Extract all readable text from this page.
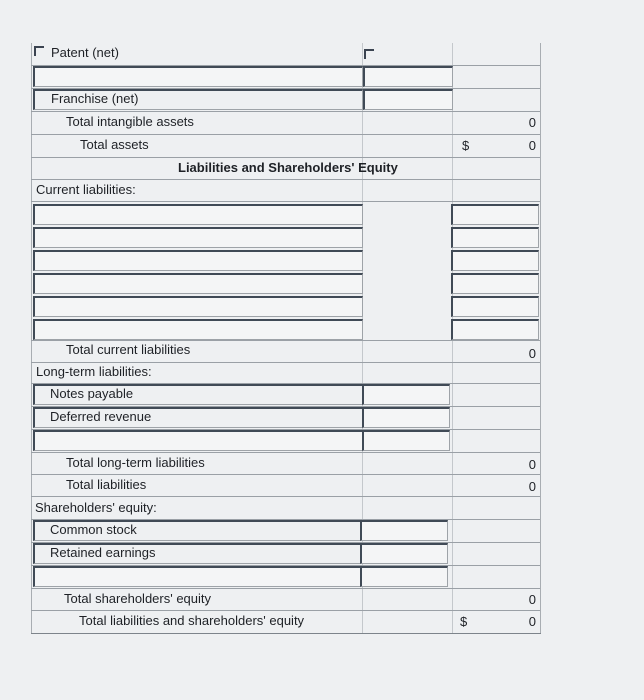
Patent (net)
Franchise (net)
Total intangible assets	0
Total assets	$	0
Liabilities and Shareholders' Equity
Current liabilities:
Total current liabilities	0
Long-term liabilities:
Notes payable
Deferred revenue
Total long-term liabilities	0
Total liabilities	0
Shareholders' equity:
Common stock
Retained earnings
Total shareholders' equity	0
Total liabilities and shareholders' equity	$	0
